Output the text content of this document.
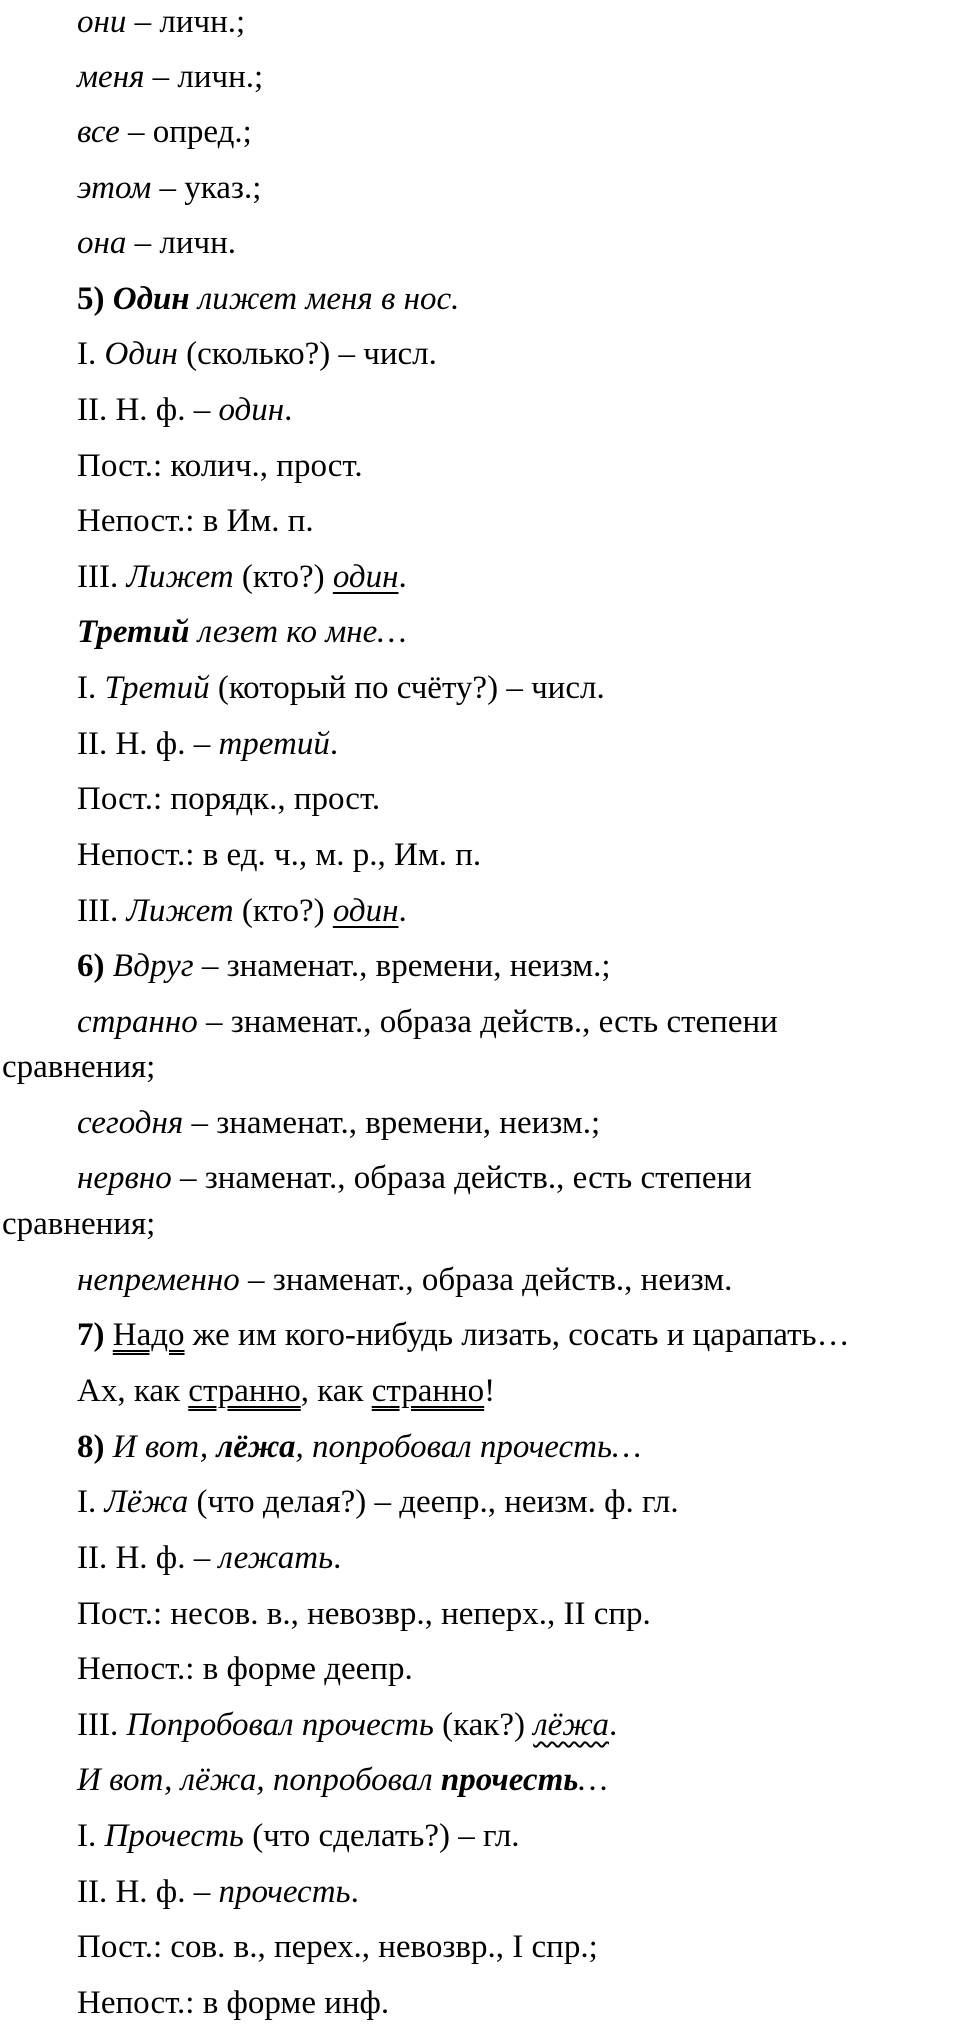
они – личн.;
меня – личн.;
все – опред.;
этом – указ.;
она – личн.
5) Один лижет меня в нос.
I. Один (сколько?) – числ.
II. Н. ф. – один.
Пост.: колич., прост.
Непост.: в Им. п.
III. Лижет (кто?) один.
Третий лезет ко мне…
I. Третий (который по счёту?) – числ.
II. Н. ф. – третий.
Пост.: порядк., прост.
Непост.: в ед. ч., м. р., Им. п.
III. Лижет (кто?) один.
6) Вдруг – знаменат., времени, неизм.;
странно – знаменат., образа действ., есть степени
сравнения;
сегодня – знаменат., времени, неизм.;
нервно – знаменат., образа действ., есть степени
сравнения;
непременно – знаменат., образа действ., неизм.
7) Надо же им кого-нибудь лизать, сосать и царапать…
Ах, как странно, как странно!
8) И вот, лёжа, попробовал прочесть…
I. Лёжа (что делая?) – деепр., неизм. ф. гл.
II. Н. ф. – лежать.
Пост.: несов. в., невозвр., неперх., II спр.
Непост.: в форме деепр.
III. Попробовал прочесть (как?) лёжа.
И вот, лёжа, попробовал прочесть…
I. Прочесть (что сделать?) – гл.
II. Н. ф. – прочесть.
Пост.: сов. в., перех., невозвр., I спр.;
Непост.: в форме инф.
